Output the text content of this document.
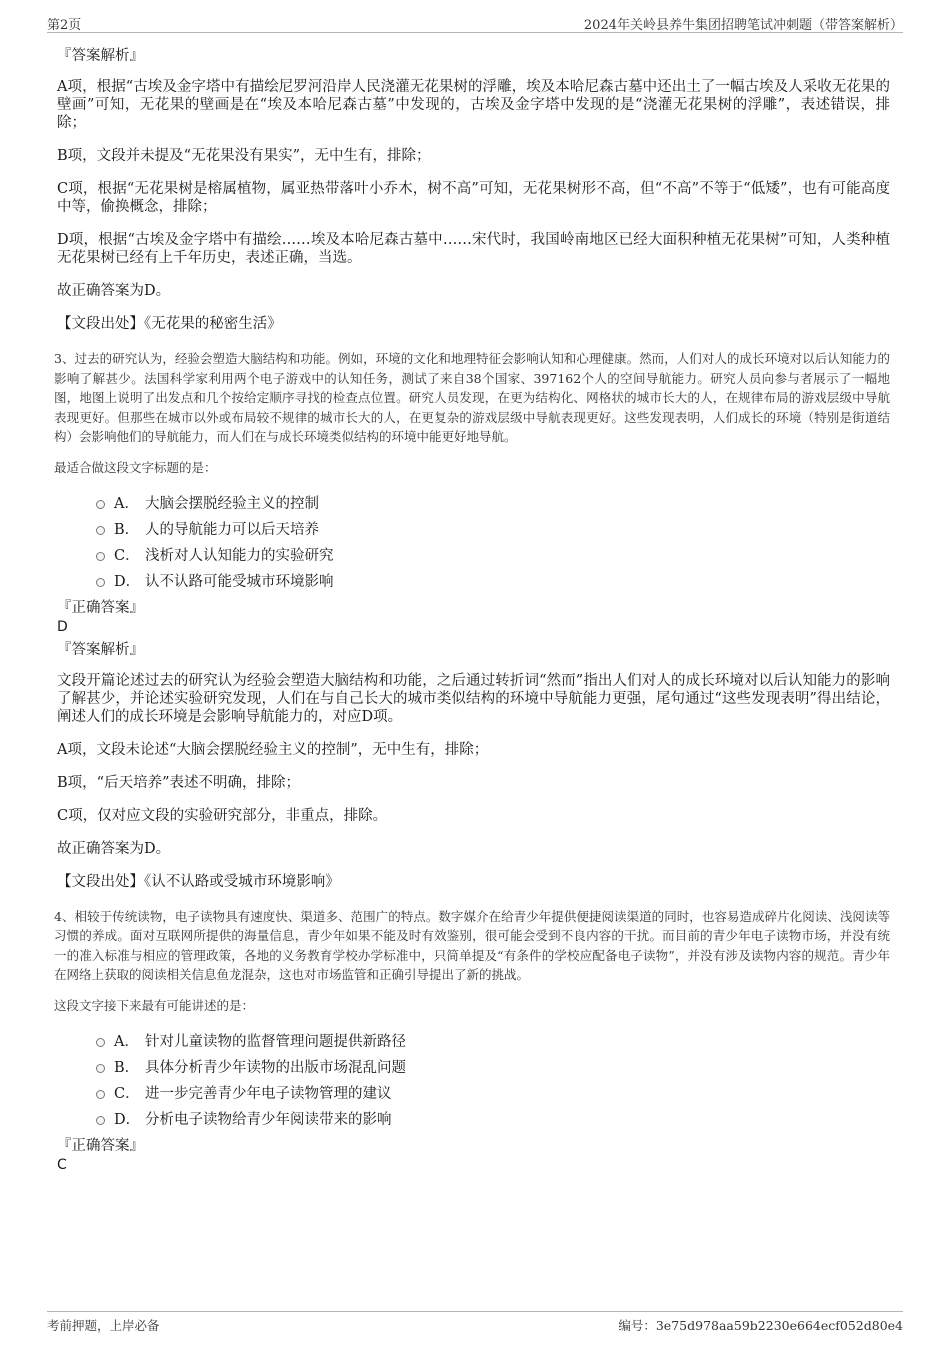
第2页	2024年关岭县养牛集团招聘笔试冲刺题（带答案解析）
『答案解析』
A项，根据“古埃及金字塔中有描绘尼罗河沿岸人民浇灌无花果树的浮雕，埃及本哈尼森古墓中还出土了一幅古埃及人采收无花果的壁画”可知，无花果的壁画是在“埃及本哈尼森古墓”中发现的，古埃及金字塔中发现的是“浇灌无花果树的浮雕”，表述错误，排除；
B项，文段并未提及“无花果没有果实”，无中生有，排除；
C项，根据“无花果树是榕属植物，属亚热带落叶小乔木，树不高”可知，无花果树形不高，但“不高”不等于“低矮”，也有可能高度中等，偷换概念，排除；
D项，根据“古埃及金字塔中有描绘……埃及本哈尼森古墓中……宋代时，我国岭南地区已经大面积种植无花果树”可知，人类种植无花果树已经有上千年历史，表述正确，当选。
故正确答案为D。
【文段出处】《无花果的秘密生活》
3、过去的研究认为，经验会塑造大脑结构和功能。例如，环境的文化和地理特征会影响认知和心理健康。然而，人们对人的成长环境对以后认知能力的影响了解甚少。法国科学家利用两个电子游戏中的认知任务，测试了来自38个国家、397162个人的空间导航能力。研究人员向参与者展示了一幅地图，地图上说明了出发点和几个按给定顺序寻找的检查点位置。研究人员发现，在更为结构化、网格状的城市长大的人，在规律布局的游戏层级中导航表现更好。但那些在城市以外或布局较不规律的城市长大的人，在更复杂的游戏层级中导航表现更好。这些发现表明，人们成长的环境（特别是街道结构）会影响他们的导航能力，而人们在与成长环境类似结构的环境中能更好地导航。
最适合做这段文字标题的是：
A． 大脑会摆脱经验主义的控制
B． 人的导航能力可以后天培养
C． 浅析对人认知能力的实验研究
D． 认不认路可能受城市环境影响
『正确答案』
D
『答案解析』
文段开篇论述过去的研究认为经验会塑造大脑结构和功能，之后通过转折词“然而”指出人们对人的成长环境对以后认知能力的影响了解甚少，并论述实验研究发现，人们在与自己长大的城市类似结构的环境中导航能力更强，尾句通过“这些发现表明”得出结论，阐述人们的成长环境是会影响导航能力的，对应D项。
A项，文段未论述“大脑会摆脱经验主义的控制”，无中生有，排除；
B项，“后天培养”表述不明确，排除；
C项，仅对应文段的实验研究部分，非重点，排除。
故正确答案为D。
【文段出处】《认不认路或受城市环境影响》
4、相较于传统读物，电子读物具有速度快、渠道多、范围广的特点。数字媒介在给青少年提供便捷阅读渠道的同时，也容易造成碎片化阅读、浅阅读等习惯的养成。面对互联网所提供的海量信息，青少年如果不能及时有效鉴别，很可能会受到不良内容的干扰。而目前的青少年电子读物市场，并没有统一的准入标准与相应的管理政策，各地的义务教育学校办学标准中，只简单提及“有条件的学校应配备电子读物”，并没有涉及读物内容的规范。青少年在网络上获取的阅读相关信息鱼龙混杂，这也对市场监管和正确引导提出了新的挑战。
这段文字接下来最有可能讲述的是：
A． 针对儿童读物的监督管理问题提供新路径
B． 具体分析青少年读物的出版市场混乱问题
C． 进一步完善青少年电子读物管理的建议
D． 分析电子读物给青少年阅读带来的影响
『正确答案』
C
考前押题，上岸必备	编号：3e75d978aa59b2230e664ecf052d80e4
